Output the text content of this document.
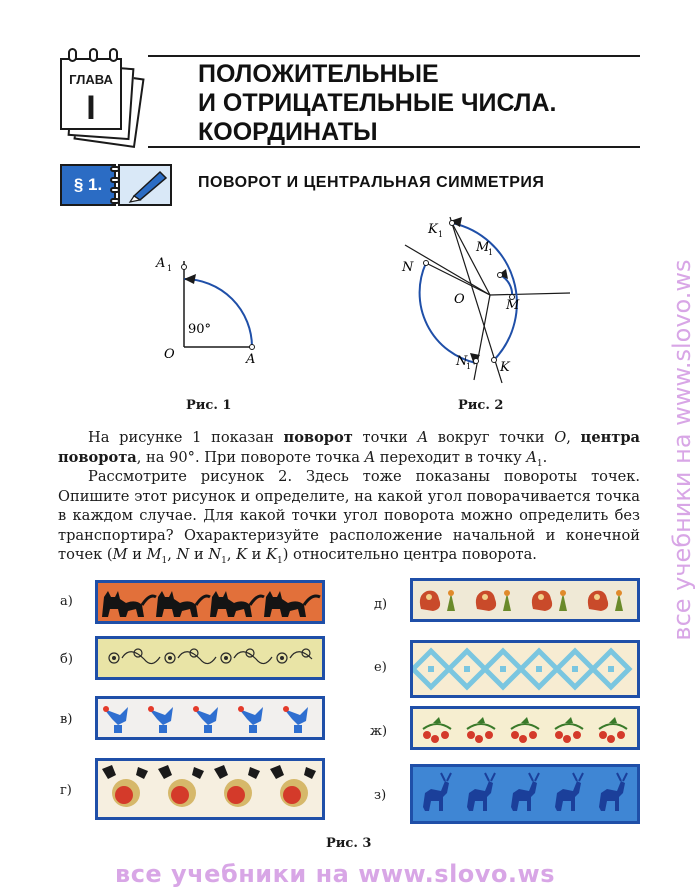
ГЛАВА
I
ПОЛОЖИТЕЛЬНЫЕ
И ОТРИЦАТЕЛЬНЫЕ ЧИСЛА.
КООРДИНАТЫ
§ 1.	ПОВОРОТ И ЦЕНТРАЛЬНАЯ СИММЕТРИЯ
A 1
O	A
90°
Рис. 1
K 1
M
1
N
O	M
N
1 K
Рис. 2
На рисунке 1 показан поворот точки A вокруг точки O, центра поворота, на 90°. При повороте точка A переходит в точку $A_1$.
Рассмотрите рисунок 2. Здесь тоже показаны повороты точек. Опишите этот рисунок и определите, на какой угол поворачивается точка в каждом случае. Для какой точки угол поворота можно определить без транспортира? Охарактеризуйте расположение начальной и конечной точек (M и $M_1$, N и $N_1$, K и $K_1$) относительно центра поворота.
а)
б)
в)
г)
д)
е)
ж)
з)
Рис. 3
все учебники на www.slovo.ws
все учебники на www.slovo.ws
